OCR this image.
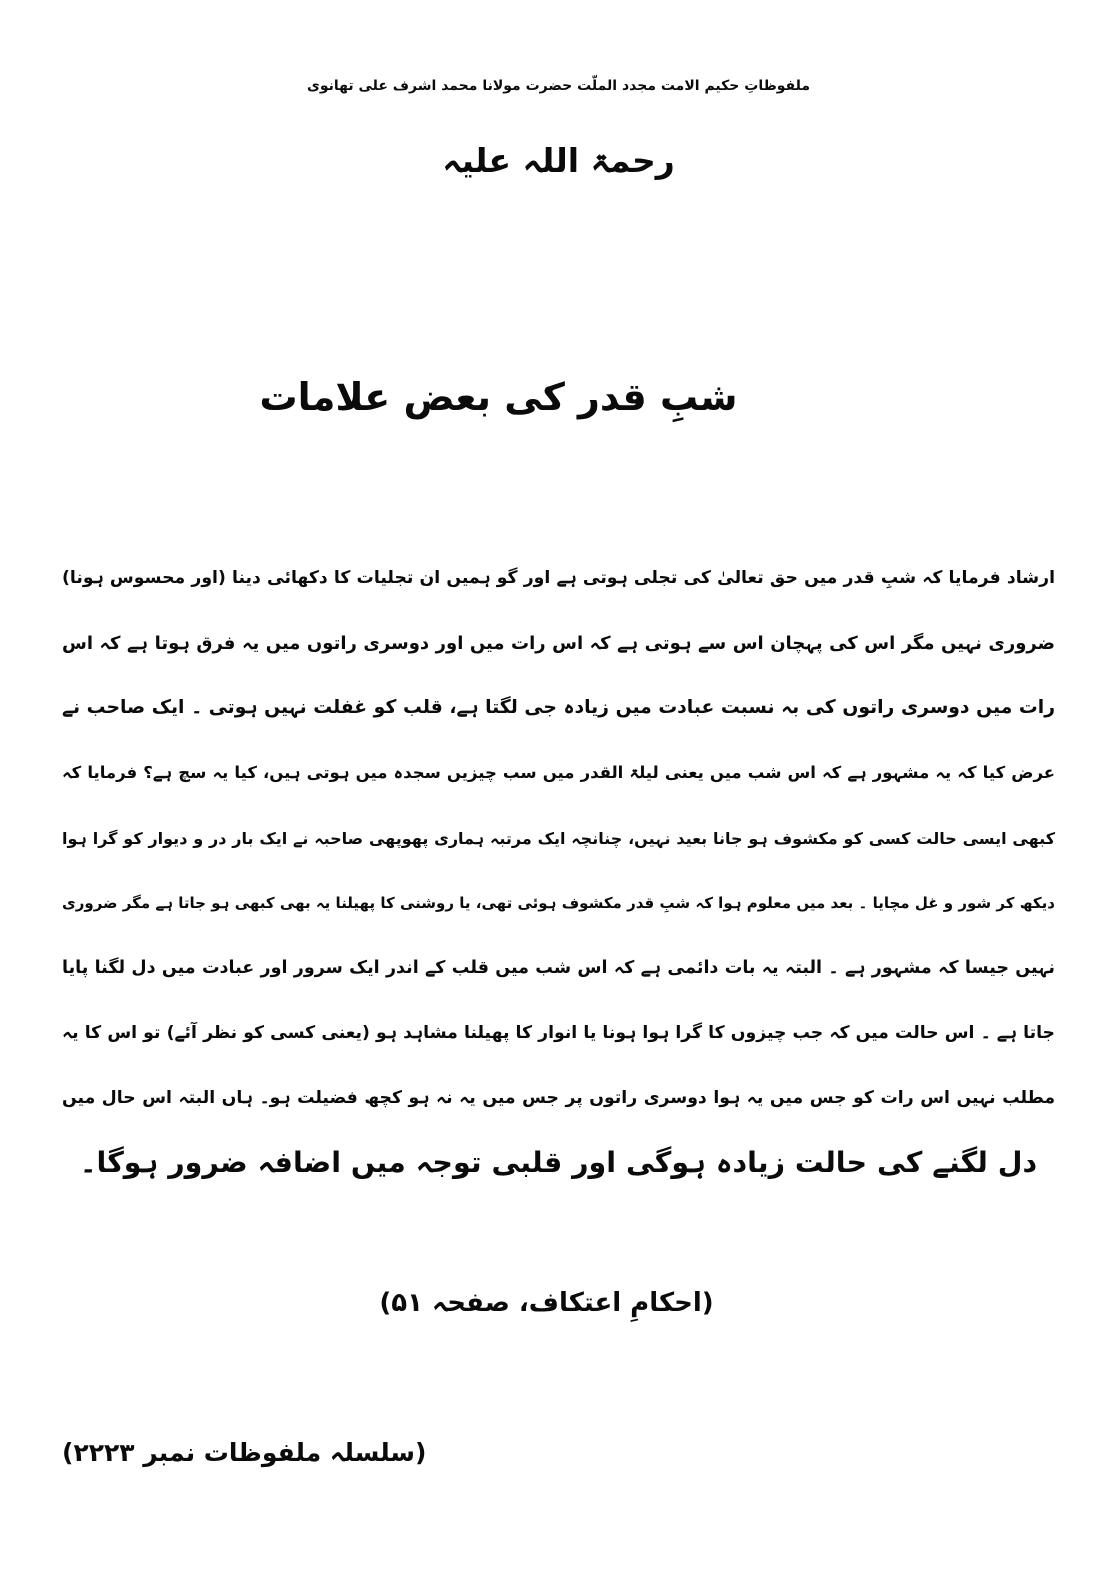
ملفوظاتِ حکیم الامت مجدد الملّت حضرت مولانا محمد اشرف علی تھانوی
رحمۃ اللہ علیہ
شبِ قدر کی بعض علامات
ارشاد فرمایا کہ شبِ قدر میں حق تعالیٰ کی تجلی ہوتی ہے اور گو ہمیں ان تجلیات کا دکھائی دینا (اور محسوس ہونا)
ضروری نہیں مگر اس کی پہچان اس سے ہوتی ہے کہ اس رات میں اور دوسری راتوں میں یہ فرق ہوتا ہے کہ اس
رات میں دوسری راتوں کی بہ نسبت عبادت میں زیادہ جی لگتا ہے، قلب کو غفلت نہیں ہوتی ۔ ایک صاحب نے
عرض کیا کہ یہ مشہور ہے کہ اس شب میں یعنی لیلۃ القدر میں سب چیزیں سجدہ میں ہوتی ہیں، کیا یہ سچ ہے؟ فرمایا کہ
کبھی ایسی حالت کسی کو مکشوف ہو جانا بعید نہیں، چنانچہ ایک مرتبہ ہماری پھوپھی صاحبہ نے ایک بار در و دیوار کو گرا ہوا
دیکھ کر شور و غل مچایا ۔ بعد میں معلوم ہوا کہ شبِ قدر مکشوف ہوئی تھی، یا روشنی کا پھیلنا یہ بھی کبھی ہو جاتا ہے مگر ضروری
نہیں جیسا کہ مشہور ہے ۔ البتہ یہ بات دائمی ہے کہ اس شب میں قلب کے اندر ایک سرور اور عبادت میں دل لگنا پایا
جاتا ہے ۔ اس حالت میں کہ جب چیزوں کا گرا ہوا ہونا یا انوار کا پھیلنا مشاہد ہو (یعنی کسی کو نظر آئے) تو اس کا یہ
مطلب نہیں اس رات کو جس میں یہ ہوا دوسری راتوں پر جس میں یہ نہ ہو کچھ فضیلت ہو۔ ہاں البتہ اس حال میں
دل لگنے کی حالت زیادہ ہوگی اور قلبی توجہ میں اضافہ ضرور ہوگا۔
(احکامِ اعتکاف، صفحہ ۵۱)
(سلسلہ ملفوظات نمبر ۲۲۲۳)
